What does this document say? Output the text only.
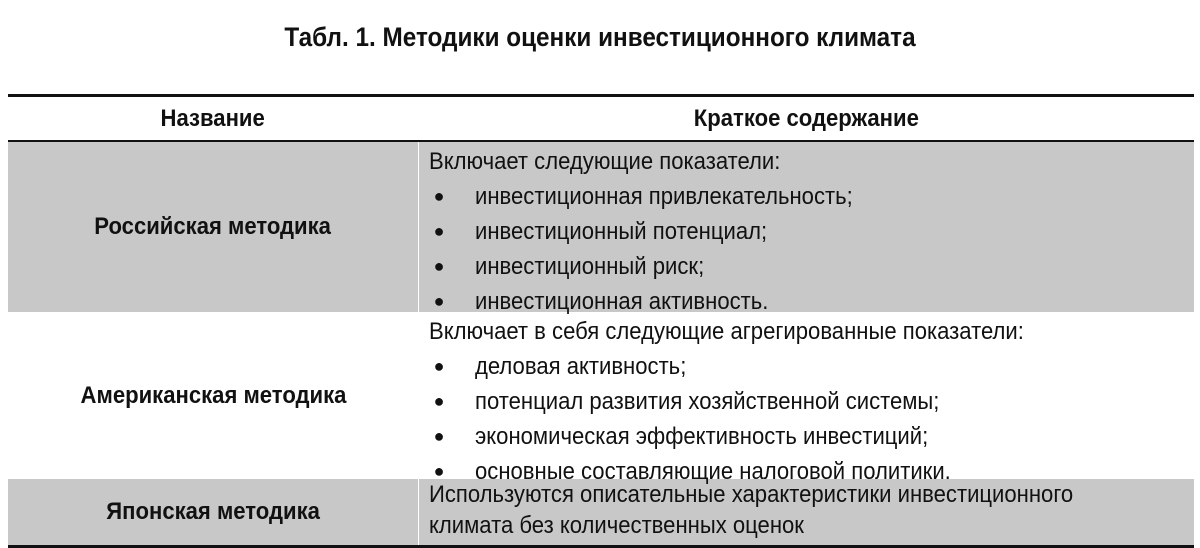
Табл. 1. Методики оценки инвестиционного климата
Название	Краткое содержание
Российская методика
Включает следующие показатели:
● инвестиционная привлекательность;
● инвестиционный потенциал;
● инвестиционный риск;
● инвестиционная активность.
Американская методика
Включает в себя следующие агрегированные показатели:
● деловая активность;
● потенциал развития хозяйственной системы;
● экономическая эффективность инвестиций;
● основные составляющие налоговой политики.
Японская методика
Используются описательные характеристики инвестиционного
климата без количественных оценок
